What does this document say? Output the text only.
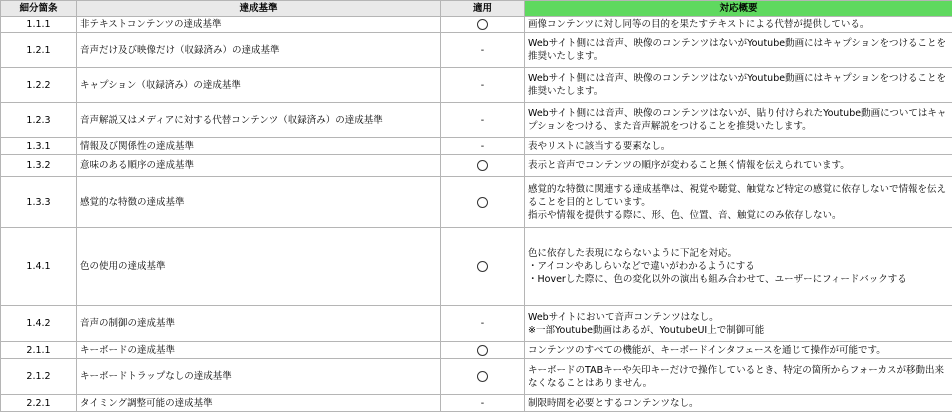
細分箇条	達成基準	適用	対応概要
1.1.1	非テキストコンテンツの達成基準		画像コンテンツに対し同等の目的を果たすテキストによる代替が提供している。
1.2.1	音声だけ及び映像だけ（収録済み）の達成基準	-	Webサイト側には音声、映像のコンテンツはないがYoutube動画にはキャプションをつけることを推奨いたします。
1.2.2	キャプション（収録済み）の達成基準	-	Webサイト側には音声、映像のコンテンツはないがYoutube動画にはキャプションをつけることを推奨いたします。
1.2.3	音声解説又はメディアに対する代替コンテンツ（収録済み）の達成基準	-	Webサイト側には音声、映像のコンテンツはないが、貼り付けられたYoutube動画についてはキャプションをつける、また音声解説をつけることを推奨いたします。
1.3.1	情報及び関係性の達成基準	-	表やリストに該当する要素なし。
1.3.2	意味のある順序の達成基準		表示と音声でコンテンツの順序が変わること無く情報を伝えられています。
1.3.3	感覚的な特徴の達成基準		感覚的な特徴に関連する達成基準は、視覚や聴覚、触覚など特定の感覚に依存しないで情報を伝えることを目的としています。
指示や情報を提供する際に、形、色、位置、音、触覚にのみ依存しない。
1.4.1	色の使用の達成基準		色に依存した表現にならないように下記を対応。
・アイコンやあしらいなどで違いがわかるようにする
・Hoverした際に、色の変化以外の演出も組み合わせて、ユーザーにフィードバックする
1.4.2	音声の制御の達成基準	-	Webサイトにおいて音声コンテンツはなし。
※一部Youtube動画はあるが、YoutubeUI上で制御可能
2.1.1	キーボードの達成基準		コンテンツのすべての機能が、キーボードインタフェースを通じて操作が可能です。
2.1.2	キーボードトラップなしの達成基準		キーボードのTABキーや矢印キーだけで操作しているとき、特定の箇所からフォーカスが移動出来なくなることはありません。
2.2.1	タイミング調整可能の達成基準	-	制限時間を必要とするコンテンツなし。
